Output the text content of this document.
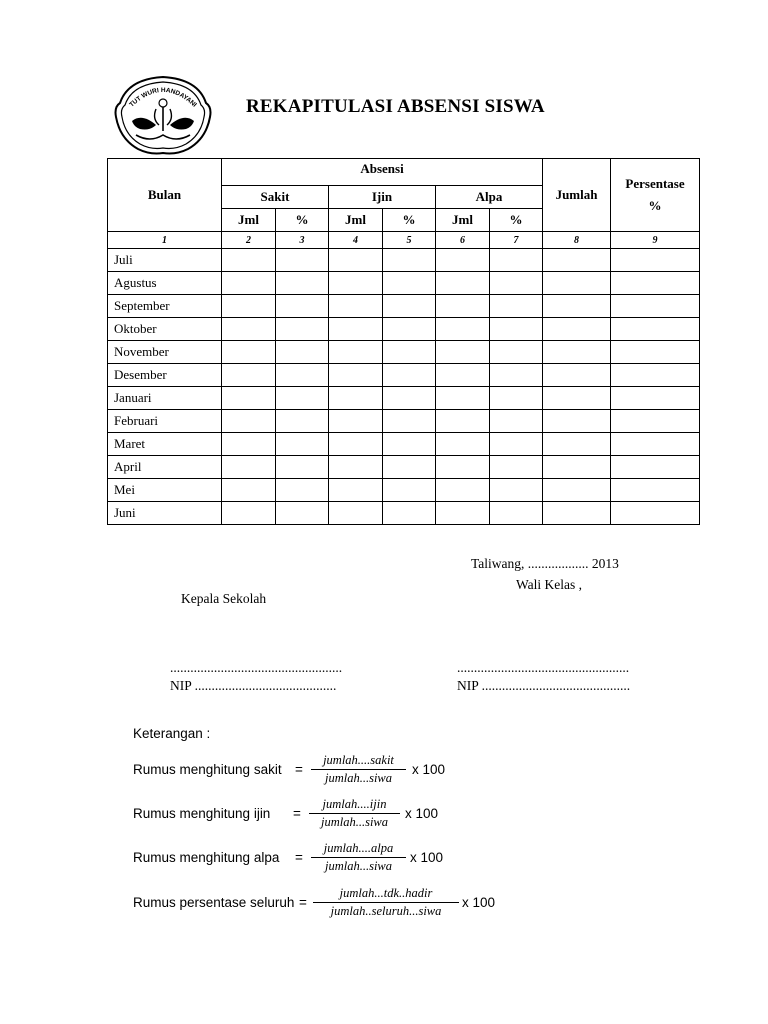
TUT WURI HANDAYANI	REKAPITULASI ABSENSI SISWA
Bulan	Absensi						Jumlah	Persentase
%

	Sakit		Ijin		Alpa			
	Jml	%	Jml	%	Jml	%		
1	2	3	4	5	6	7	8	9
Juli								
Agustus								
September								
Oktober								
November								
Desember								
Januari								
Februari								
Maret								
April								
Mei								
Juni								
Taliwang, .................. 2013
Wali Kelas ,
Kepala Sekolah
...................................................
NIP ..........................................
...................................................
NIP ............................................
Keterangan :
Rumus menghitung sakit =
jumlah....sakit
jumlah...siwa
x 100
Rumus menghitung ijin =
jumlah....ijin
jumlah...siwa
x 100
Rumus menghitung alpa =
jumlah....alpa
jumlah...siwa
x 100
Rumus persentase seluruh =
jumlah...tdk..hadir
jumlah..seluruh...siwa
x 100
